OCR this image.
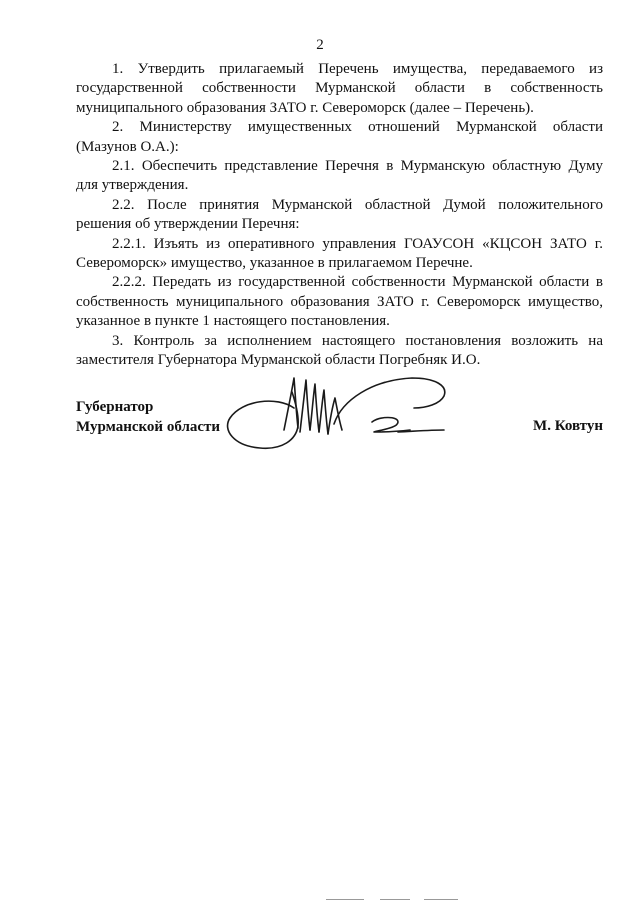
2

1. Утвердить прилагаемый Перечень имущества, передаваемого из государственной собственности Мурманской области в собственность муниципального образования ЗАТО г. Североморск (далее – Перечень).

2. Министерству имущественных отношений Мурманской области (Мазунов О.А.):

2.1. Обеспечить представление Перечня в Мурманскую областную Думу для утверждения.

2.2. После принятия Мурманской областной Думой положительного решения об утверждении Перечня:

2.2.1. Изъять из оперативного управления ГОАУСОН «КЦСОН ЗАТО г. Североморск» имущество, указанное в прилагаемом Перечне.

2.2.2. Передать из государственной собственности Мурманской области в собственность муниципального образования ЗАТО г. Североморск имущество, указанное в пункте 1 настоящего постановления.

3. Контроль за исполнением настоящего постановления возложить на заместителя Губернатора Мурманской области Погребняк И.О.

Губернатор
Мурманской области	М. Ковтун
